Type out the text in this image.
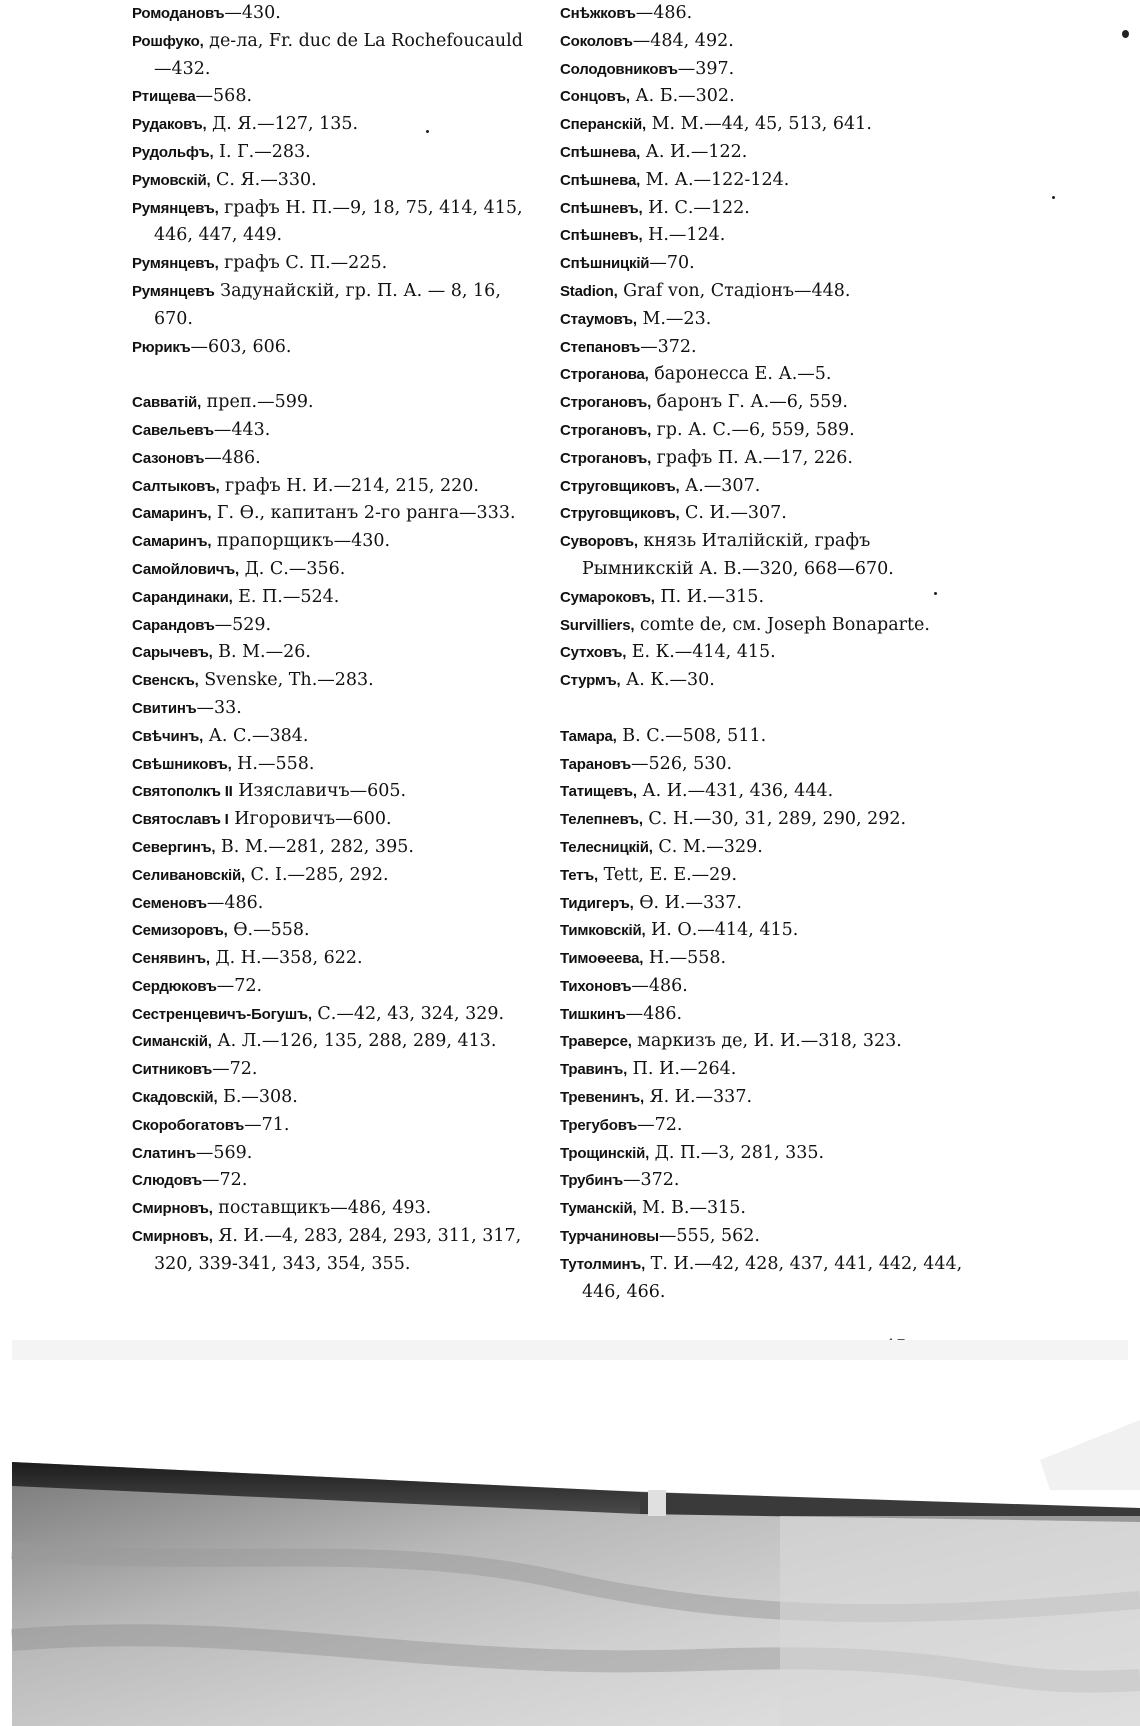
Ромодановъ—430.
Рошфуко, де-ла, Fr. duc de La Rochefoucauld—432.
Ртищева—568.
Рудаковъ, Д. Я.—127, 135.
Рудольфъ, І. Г.—283.
Румовскій, С. Я.—330.
Румянцевъ, графъ Н. П.—9, 18, 75, 414, 415, 446, 447, 449.
Румянцевъ, графъ С. П.—225.
Румянцевъ Задунайскій, гр. П. А. — 8, 16, 670.
Рюрикъ—603, 606.
Савватій, преп.—599.
Савельевъ—443.
Сазоновъ—486.
Салтыковъ, графъ Н. И.—214, 215, 220.
Самаринъ, Г. Ѳ., капитанъ 2-го ранга—333.
Самаринъ, прапорщикъ—430.
Самойловичъ, Д. С.—356.
Сарандинаки, Е. П.—524.
Сарандовъ—529.
Сарычевъ, В. М.—26.
Свенскъ, Svenske, Th.—283.
Свитинъ—33.
Свѣчинъ, А. С.—384.
Свѣшниковъ, Н.—558.
Святополкъ II Изяславичъ—605.
Святославъ I Игоровичъ—600.
Севергинъ, В. М.—281, 282, 395.
Селивановскій, С. І.—285, 292.
Семеновъ—486.
Семизоровъ, Ѳ.—558.
Сенявинъ, Д. Н.—358, 622.
Сердюковъ—72.
Сестренцевичъ-Богушъ, С.—42, 43, 324, 329.
Симанскій, А. Л.—126, 135, 288, 289, 413.
Ситниковъ—72.
Скадовскій, Б.—308.
Скоробогатовъ—71.
Слатинъ—569.
Слюдовъ—72.
Смирновъ, поставщикъ—486, 493.
Смирновъ, Я. И.—4, 283, 284, 293, 311, 317, 320, 339-341, 343, 354, 355.
Снѣжковъ—486.
Соколовъ—484, 492.
Солодовниковъ—397.
Сонцовъ, А. Б.—302.
Сперанскій, М. М.—44, 45, 513, 641.
Спѣшнева, А. И.—122.
Спѣшнева, М. А.—122-124.
Спѣшневъ, И. С.—122.
Спѣшневъ, Н.—124.
Спѣшницкій—70.
Stadion, Graf von, Стадіонъ—448.
Стаумовъ, М.—23.
Степановъ—372.
Строганова, баронесса Е. А.—5.
Строгановъ, баронъ Г. А.—6, 559.
Строгановъ, гр. А. С.—6, 559, 589.
Строгановъ, графъ П. А.—17, 226.
Струговщиковъ, А.—307.
Струговщиковъ, С. И.—307.
Суворовъ, князь Италійскій, графъ Рымникскій А. В.—320, 668—670.
Сумароковъ, П. И.—315.
Survilliers, comte de, см. Joseph Bonaparte.
Сутховъ, Е. К.—414, 415.
Стурмъ, А. К.—30.
Тамара, В. С.—508, 511.
Тарановъ—526, 530.
Татищевъ, А. И.—431, 436, 444.
Телепневъ, С. Н.—30, 31, 289, 290, 292.
Телесницкій, С. М.—329.
Тетъ, Tett, Е. Е.—29.
Тидигеръ, Ѳ. И.—337.
Тимковскій, И. О.—414, 415.
Тимоѳеева, Н.—558.
Тихоновъ—486.
Тишкинъ—486.
Траверсе, маркизъ де, И. И.—318, 323.
Травинъ, П. И.—264.
Тревенинъ, Я. И.—337.
Трегубовъ—72.
Трощинскій, Д. П.—3, 281, 335.
Трубинъ—372.
Туманскій, М. В.—315.
Турчаниновы—555, 562.
Тутолминъ, Т. И.—42, 428, 437, 441, 442, 444, 446, 466.
